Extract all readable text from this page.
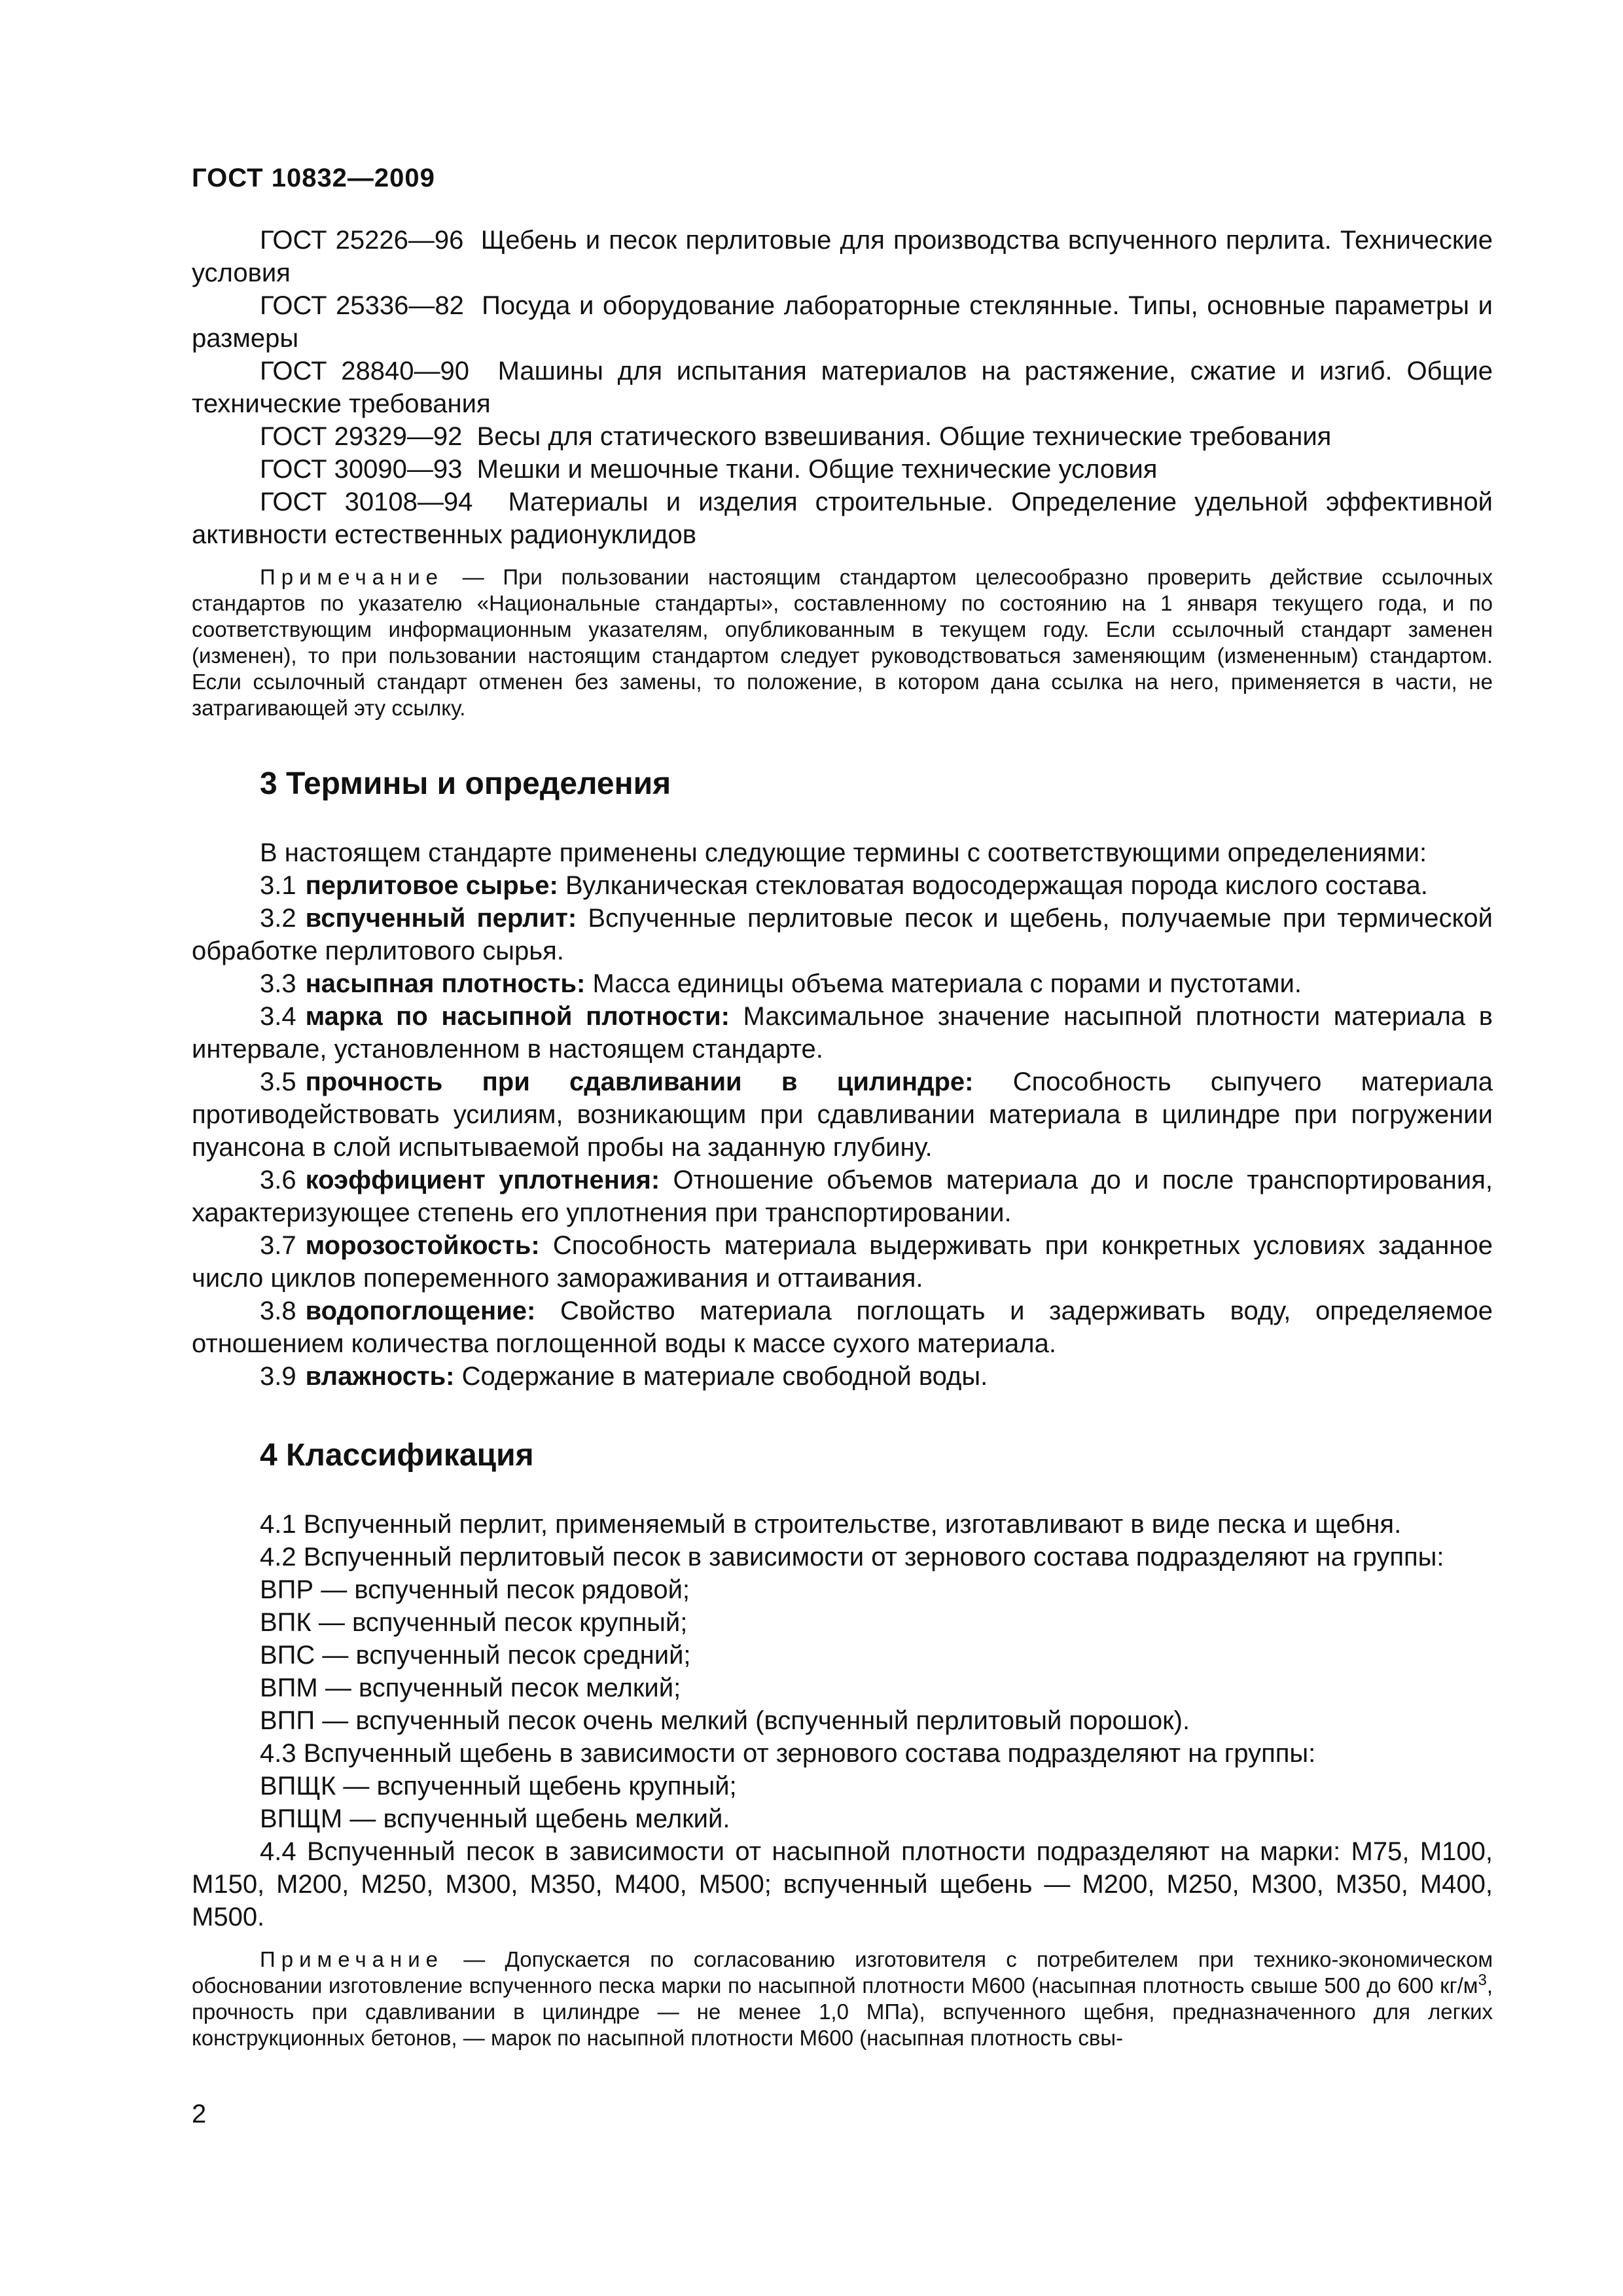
ГОСТ 10832—2009

ГОСТ 25226—96 Щебень и песок перлитовые для производства вспученного перлита. Технические условия

ГОСТ 25336—82 Посуда и оборудование лабораторные стеклянные. Типы, основные параметры и размеры

ГОСТ 28840—90 Машины для испытания материалов на растяжение, сжатие и изгиб. Общие технические требования

ГОСТ 29329—92 Весы для статического взвешивания. Общие технические требования

ГОСТ 30090—93 Мешки и мешочные ткани. Общие технические условия

ГОСТ 30108—94 Материалы и изделия строительные. Определение удельной эффективной активности естественных радионуклидов

Примечание — При пользовании настоящим стандартом целесообразно проверить действие ссылочных стандартов по указателю «Национальные стандарты», составленному по состоянию на 1 января текущего года, и по соответствующим информационным указателям, опубликованным в текущем году. Если ссылочный стандарт заменен (изменен), то при пользовании настоящим стандартом следует руководствоваться заменяющим (измененным) стандартом. Если ссылочный стандарт отменен без замены, то положение, в котором дана ссылка на него, применяется в части, не затрагивающей эту ссылку.

3 Термины и определения

В настоящем стандарте применены следующие термины с соответствующими определениями:

3.1 перлитовое сырье: Вулканическая стекловатая водосодержащая порода кислого состава.

3.2 вспученный перлит: Вспученные перлитовые песок и щебень, получаемые при термической обработке перлитового сырья.

3.3 насыпная плотность: Масса единицы объема материала с порами и пустотами.

3.4 марка по насыпной плотности: Максимальное значение насыпной плотности материала в интервале, установленном в настоящем стандарте.

3.5 прочность при сдавливании в цилиндре: Способность сыпучего материала противодействовать усилиям, возникающим при сдавливании материала в цилиндре при погружении пуансона в слой испытываемой пробы на заданную глубину.

3.6 коэффициент уплотнения: Отношение объемов материала до и после транспортирования, характеризующее степень его уплотнения при транспортировании.

3.7 морозостойкость: Способность материала выдерживать при конкретных условиях заданное число циклов попеременного замораживания и оттаивания.

3.8 водопоглощение: Свойство материала поглощать и задерживать воду, определяемое отношением количества поглощенной воды к массе сухого материала.

3.9 влажность: Содержание в материале свободной воды.

4 Классификация

4.1 Вспученный перлит, применяемый в строительстве, изготавливают в виде песка и щебня.

4.2 Вспученный перлитовый песок в зависимости от зернового состава подразделяют на группы:

ВПР — вспученный песок рядовой;

ВПК — вспученный песок крупный;

ВПС — вспученный песок средний;

ВПМ — вспученный песок мелкий;

ВПП — вспученный песок очень мелкий (вспученный перлитовый порошок).

4.3 Вспученный щебень в зависимости от зернового состава подразделяют на группы:

ВПЩК — вспученный щебень крупный;

ВПЩМ — вспученный щебень мелкий.

4.4 Вспученный песок в зависимости от насыпной плотности подразделяют на марки: М75, М100, М150, М200, М250, М300, М350, М400, М500; вспученный щебень — М200, М250, М300, М350, М400, М500.

Примечание — Допускается по согласованию изготовителя с потребителем при технико-экономическом обосновании изготовление вспученного песка марки по насыпной плотности М600 (насыпная плотность свыше 500 до 600 $кг/м^3$, прочность при сдавливании в цилиндре — не менее 1,0 МПа), вспученного щебня, предназначенного для легких конструкционных бетонов, — марок по насыпной плотности М600 (насыпная плотность свы-

2
